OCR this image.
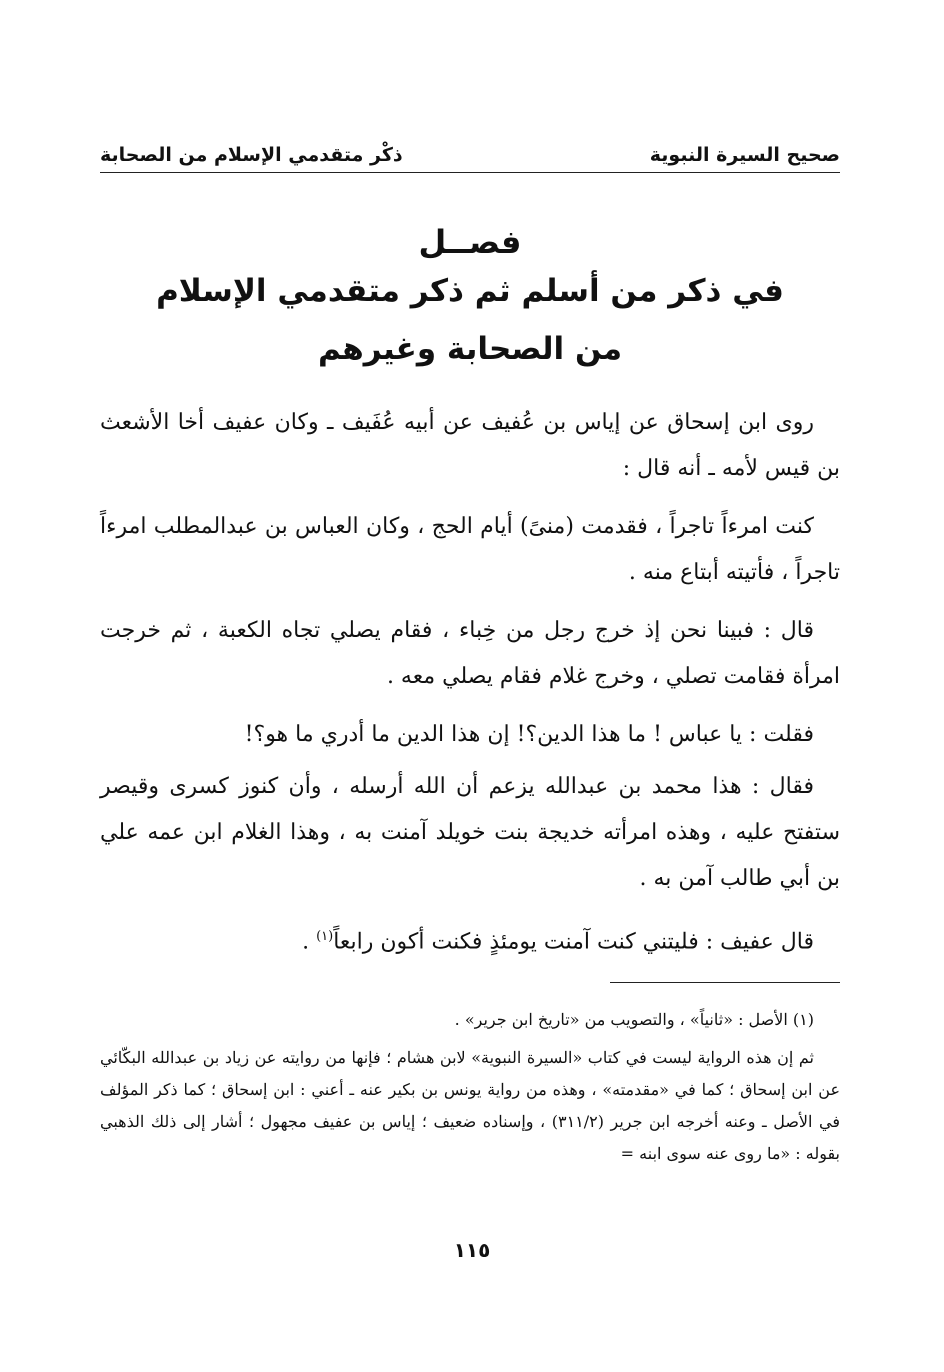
صحيح السيرة النبوية
ذكْر متقدمي الإسلام من الصحابة
فصــل
في ذكر من أسلم ثم ذكر متقدمي الإسلام
من الصحابة وغيرهم

روى ابن إسحاق عن إياس بن عُفيف عن أبيه عُفَيف ـ وكان عفيف أخا الأشعث بن قيس لأمه ـ أنه قال :

كنت امرءاً تاجراً ، فقدمت (منىً) أيام الحج ، وكان العباس بن عبدالمطلب امرءاً تاجراً ، فأتيته أبتاع منه .

قال : فبينا نحن إذ خرج رجل من خِباء ، فقام يصلي تجاه الكعبة ، ثم خرجت امرأة فقامت تصلي ، وخرج غلام فقام يصلي معه .

فقلت : يا عباس ! ما هذا الدين؟! إن هذا الدين ما أدري ما هو؟!

فقال : هذا محمد بن عبدالله يزعم أن الله أرسله ، وأن كنوز كسرى وقيصر ستفتح عليه ، وهذه امرأته خديجة بنت خويلد آمنت به ، وهذا الغلام ابن عمه علي بن أبي طالب آمن به .

قال عفيف : فليتني كنت آمنت يومئذٍ فكنت أكون رابعاً$^{(١)}$ .

(١) الأصل : «ثانياً» ، والتصويب من «تاريخ ابن جرير» .

ثم إن هذه الرواية ليست في كتاب «السيرة النبوية» لابن هشام ؛ فإنها من روايته عن زياد بن عبدالله البكّائي عن ابن إسحاق ؛ كما في «مقدمته» ، وهذه من رواية يونس بن بكير عنه ـ أعني : ابن إسحاق ؛ كما ذكر المؤلف في الأصل ـ وعنه أخرجه ابن جرير (٣١١/٢) ، وإسناده ضعيف ؛ إياس بن عفيف مجهول ؛ أشار إلى ذلك الذهبي بقوله : «ما روى عنه سوى ابنه =

١١٥
